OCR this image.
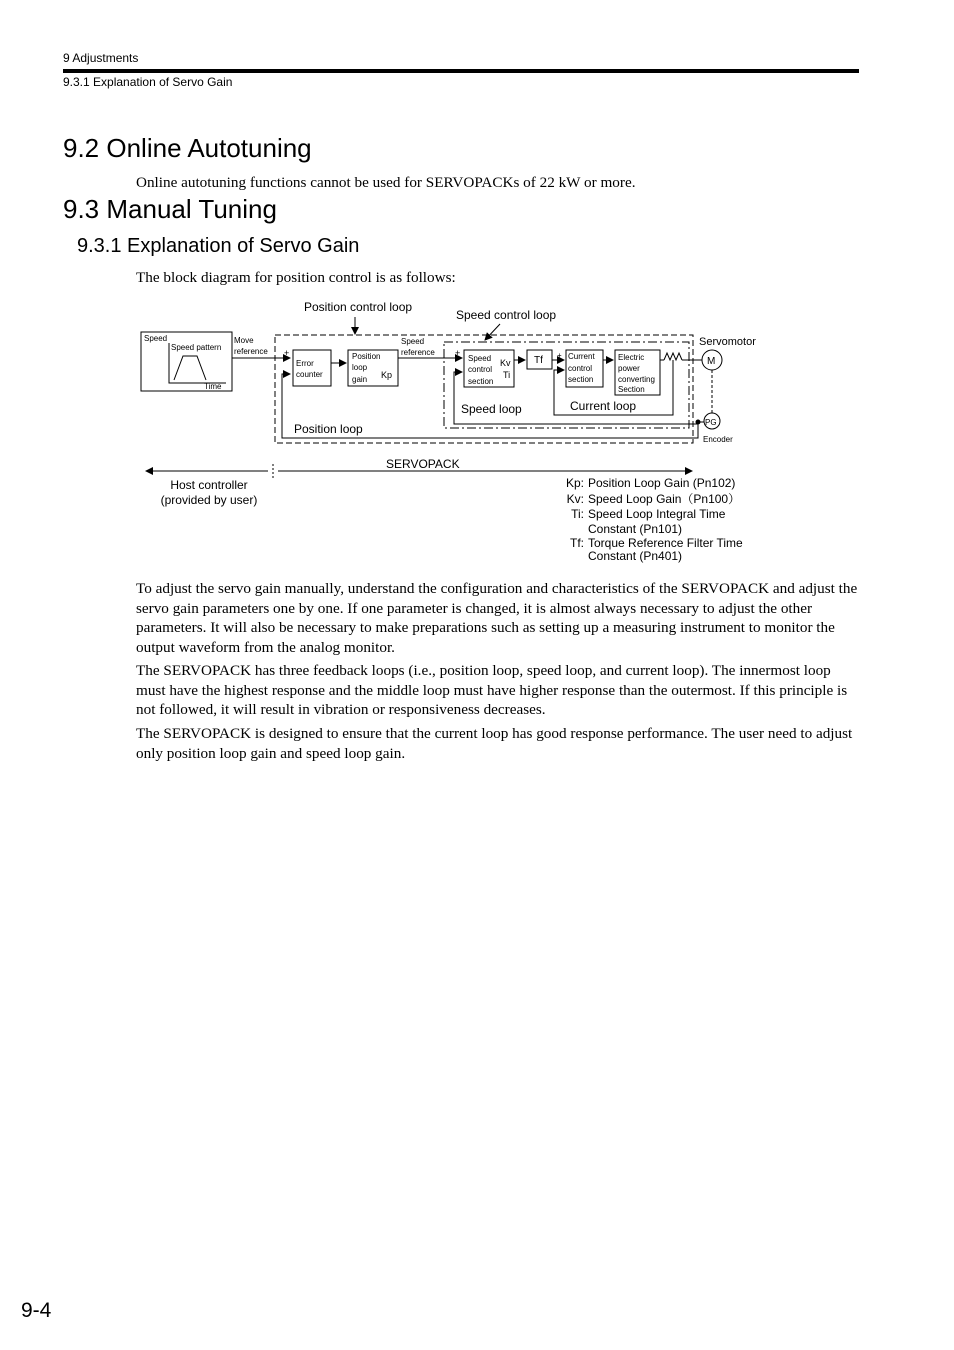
9 Adjustments
9.3.1 Explanation of Servo Gain
9.2 Online Autotuning
Online autotuning functions cannot be used for SERVOPACKs of 22 kW or more.
9.3 Manual Tuning
9.3.1 Explanation of Servo Gain
The block diagram for position control is as follows:
Position control loop
Speed control loop
Speed
Speed pattern
Time
Move
reference +
-
Error
counter
Position
loop
gain Kp
Speed
reference +
-
Speed
control
section
Kv
Ti
Tf +
-
Current
control
section
Electric
power
converting
Section
Servomotor
M
PG
Encoder
Current loop
Speed loop
Position loop
SERVOPACK
Host controller
(provided by user)
Kp: Position Loop Gain (Pn102)
Kv: Speed Loop Gain（Pn100）
Ti: Speed Loop Integral Time
Constant (Pn101)
Tf: Torque Reference Filter Time
Constant (Pn401)
To adjust the servo gain manually, understand the configuration and characteristics of the SERVOPACK and adjust the servo gain parameters one by one. If one parameter is changed, it is almost always necessary to adjust the other parameters. It will also be necessary to make preparations such as setting up a measuring instrument to monitor the output waveform from the analog monitor.
The SERVOPACK has three feedback loops (i.e., position loop, speed loop, and current loop). The innermost loop must have the highest response and the middle loop must have higher response than the outermost. If this principle is not followed, it will result in vibration or responsiveness decreases.
The SERVOPACK is designed to ensure that the current loop has good response performance. The user need to adjust only position loop gain and speed loop gain.
9-4
